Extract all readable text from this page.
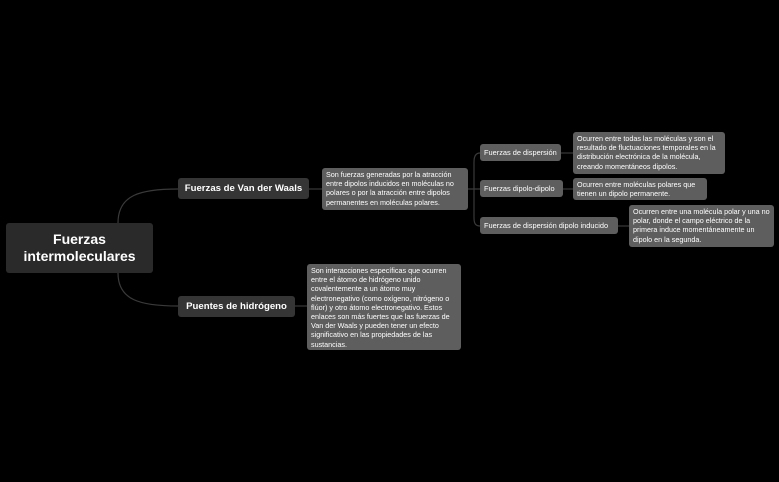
Fuerzas intermoleculares
Fuerzas de Van der Waals
Son fuerzas generadas por la atracción entre dipolos inducidos en moléculas no polares o por la atracción entre dipolos permanentes en moléculas polares.
Fuerzas de dispersión
Ocurren entre todas las moléculas y son el resultado de fluctuaciones temporales en la distribución electrónica de la molécula, creando momentáneos dipolos.
Fuerzas dipolo-dipolo	Ocurren entre moléculas polares que tienen un dipolo permanente.
Fuerzas de dispersión dipolo inducido
Ocurren entre una molécula polar y una no polar, donde el campo eléctrico de la primera induce momentáneamente un dipolo en la segunda.
Puentes de hidrógeno
Son interacciones específicas que ocurren entre el átomo de hidrógeno unido covalentemente a un átomo muy electronegativo (como oxígeno, nitrógeno o flúor) y otro átomo electronegativo. Estos enlaces son más fuertes que las fuerzas de Van der Waals y pueden tener un efecto significativo en las propiedades de las sustancias.
